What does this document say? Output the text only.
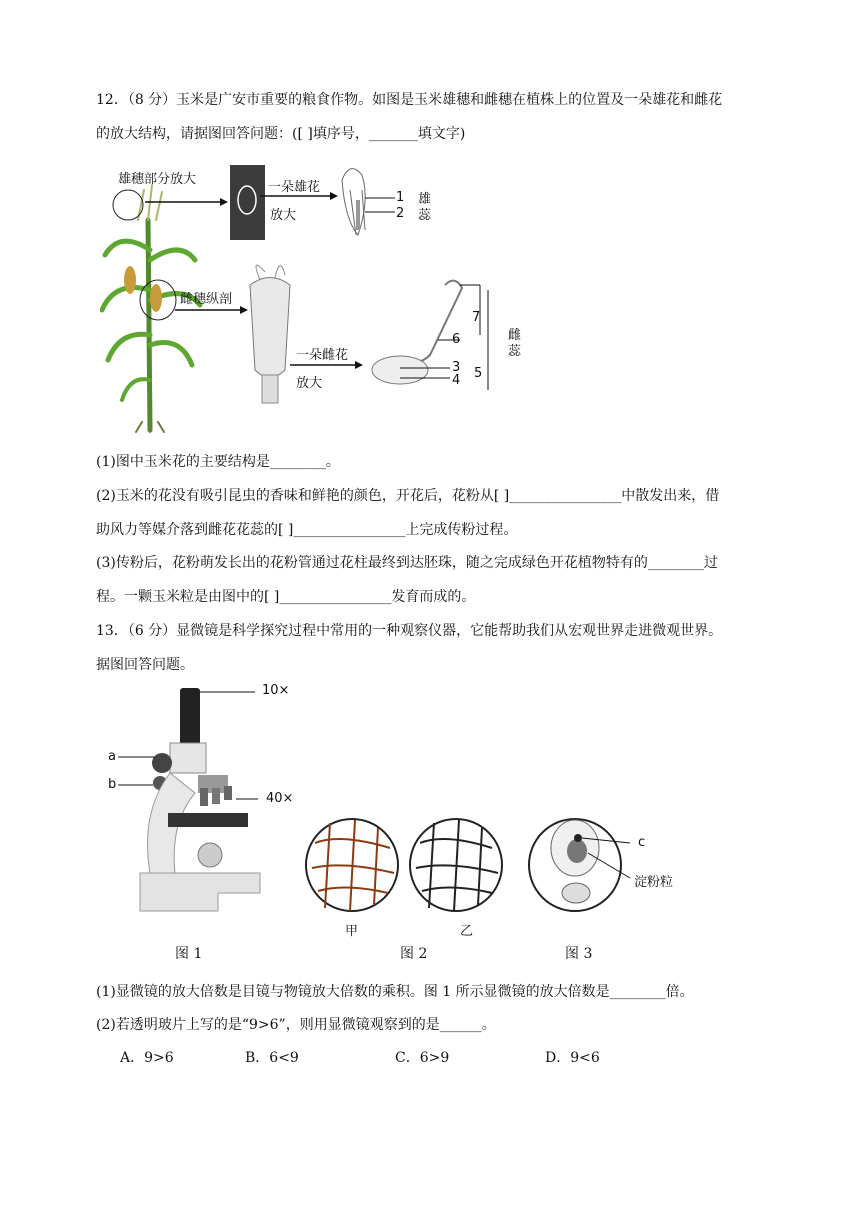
12．（8 分）玉米是广安市重要的粮食作物。如图是玉米雄穗和雌穗在植株上的位置及一朵雄花和雌花
的放大结构，请据图回答问题：([ ]填序号，_______填文字)
雄穗部分放大
一朵雄花
放大
1
2
雄
蕊
雌穗纵剖
一朵雌花
放大
7
6
3
4 5
雌
蕊
(1)图中玉米花的主要结构是________。
(2)玉米的花没有吸引昆虫的香味和鲜艳的颜色，开花后，花粉从[ ]________________中散发出来，借
助风力等媒介落到雌花花蕊的[ ]________________上完成传粉过程。
(3)传粉后，花粉萌发长出的花粉管通过花柱最终到达胚珠，随之完成绿色开花植物特有的________过
程。一颗玉米粒是由图中的[ ]________________发育而成的。
13．（6 分）显微镜是科学探究过程中常用的一种观察仪器，它能帮助我们从宏观世界走进微观世界。
据图回答问题。
10×
40×
a
b
甲	乙
c
淀粉粒
图 1	图 2	图 3
(1)显微镜的放大倍数是目镜与物镜放大倍数的乘积。图 1 所示显微镜的放大倍数是________倍。
(2)若透明玻片上写的是“9>6”，则用显微镜观察到的是______。
A．9>6	B．6<9	C．6>9	D．9<6
